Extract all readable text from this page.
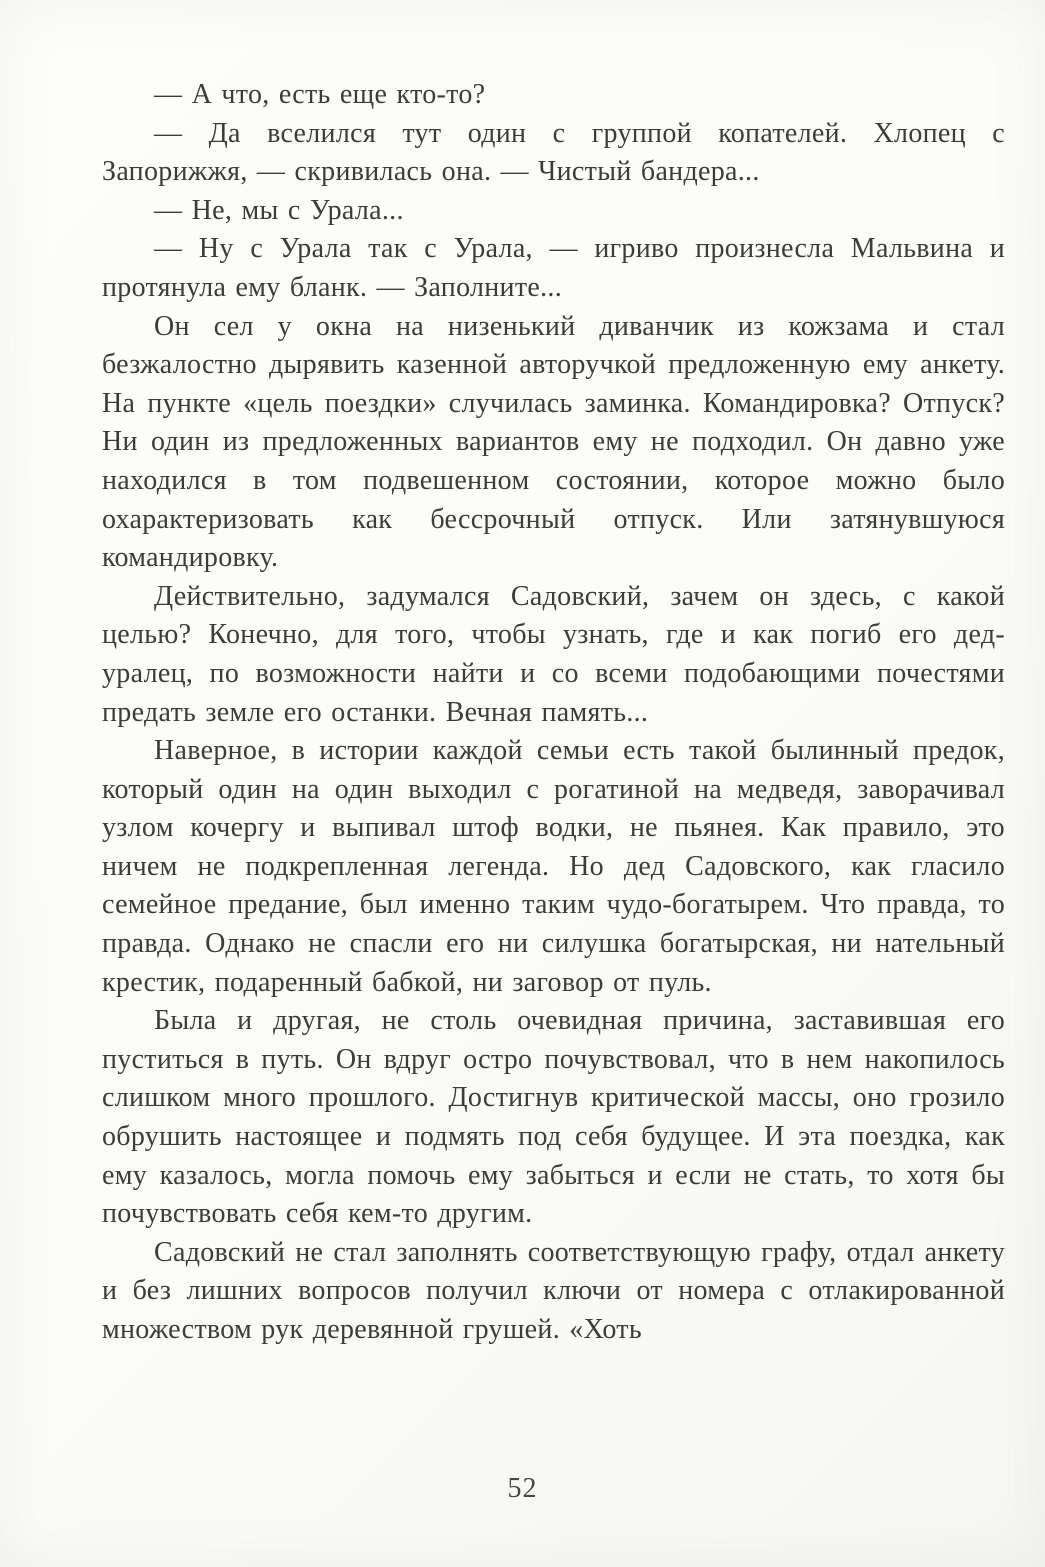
— А что, есть еще кто-то?

— Да вселился тут один с группой копателей. Хлопец с Запорижжя, — скривилась она. — Чистый бандера...

— Не, мы с Урала...

— Ну с Урала так с Урала, — игриво произнесла Мальвина и протянула ему бланк. — Заполните...

Он сел у окна на низенький диванчик из кожзама и стал безжалостно дырявить казенной авторучкой предложенную ему анкету. На пункте «цель поездки» случилась заминка. Командировка? Отпуск? Ни один из предложенных вариантов ему не подходил. Он давно уже находился в том подвешенном состоянии, которое можно было охарактеризовать как бессрочный отпуск. Или затянувшуюся командировку.

Действительно, задумался Садовский, зачем он здесь, с какой целью? Конечно, для того, чтобы узнать, где и как погиб его дед-уралец, по возможности найти и со всеми подобающими почестями предать земле его останки. Вечная память...

Наверное, в истории каждой семьи есть такой былинный предок, который один на один выходил с рогатиной на медведя, заворачивал узлом кочергу и выпивал штоф водки, не пьянея. Как правило, это ничем не подкрепленная легенда. Но дед Садовского, как гласило семейное предание, был именно таким чудо-богатырем. Что правда, то правда. Однако не спасли его ни силушка богатырская, ни нательный крестик, подаренный бабкой, ни заговор от пуль.

Была и другая, не столь очевидная причина, заставившая его пуститься в путь. Он вдруг остро почувствовал, что в нем накопилось слишком много прошлого. Достигнув критической массы, оно грозило обрушить настоящее и подмять под себя будущее. И эта поездка, как ему казалось, могла помочь ему забыться и если не стать, то хотя бы почувствовать себя кем-то другим.

Садовский не стал заполнять соответствующую графу, отдал анкету и без лишних вопросов получил ключи от номера с отлакированной множеством рук деревянной грушей. «Хоть

52
